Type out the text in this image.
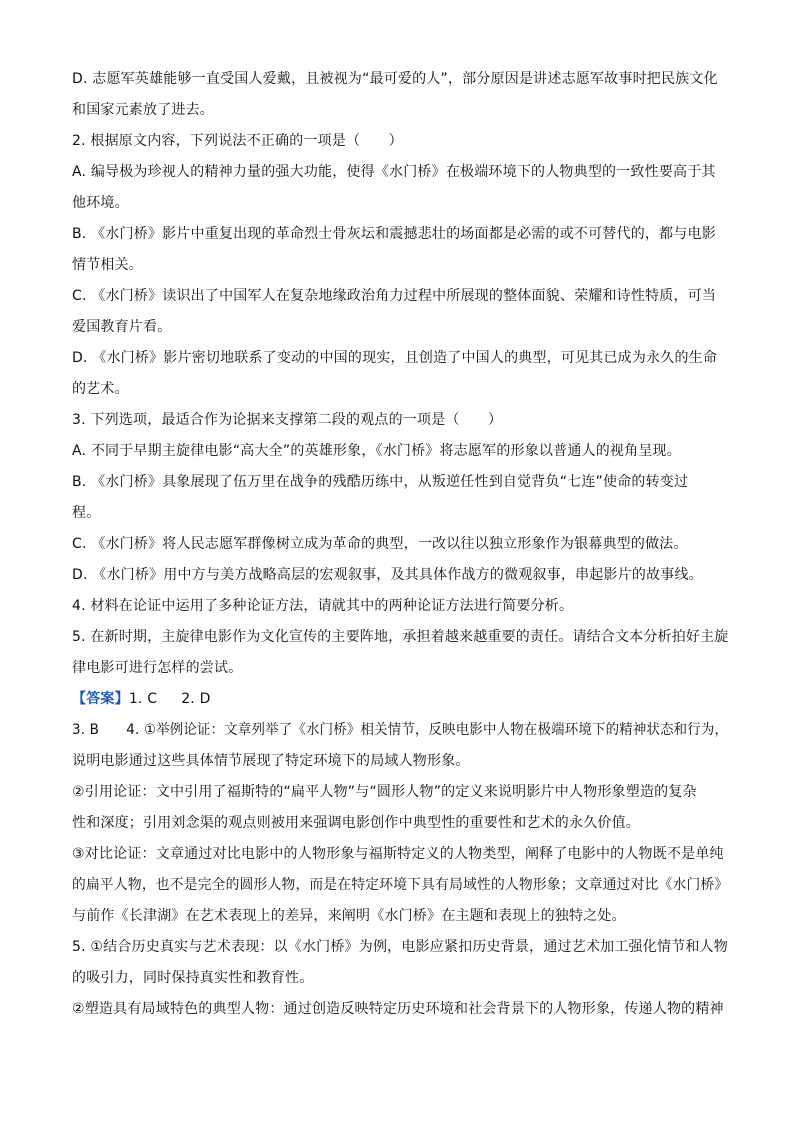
D. 志愿军英雄能够一直受国人爱戴，且被视为“最可爱的人”，部分原因是讲述志愿军故事时把民族文化
和国家元素放了进去。
2. 根据原文内容，下列说法不正确的一项是（　　）
A. 编导极为珍视人的精神力量的强大功能，使得《水门桥》在极端环境下的人物典型的一致性要高于其
他环境。
B. 《水门桥》影片中重复出现的革命烈士骨灰坛和震撼悲壮的场面都是必需的或不可替代的，都与电影
情节相关。
C. 《水门桥》读识出了中国军人在复杂地缘政治角力过程中所展现的整体面貌、荣耀和诗性特质，可当
爱国教育片看。
D. 《水门桥》影片密切地联系了变动的中国的现实，且创造了中国人的典型，可见其已成为永久的生命
的艺术。
3. 下列选项，最适合作为论据来支撑第二段的观点的一项是（　　）
A. 不同于早期主旋律电影“高大全”的英雄形象，《水门桥》将志愿军的形象以普通人的视角呈现。
B. 《水门桥》具象展现了伍万里在战争的残酷历练中，从叛逆任性到自觉背负“七连”使命的转变过
程。
C. 《水门桥》将人民志愿军群像树立成为革命的典型，一改以往以独立形象作为银幕典型的做法。
D. 《水门桥》用中方与美方战略高层的宏观叙事，及其具体作战方的微观叙事，串起影片的故事线。
4. 材料在论证中运用了多种论证方法，请就其中的两种论证方法进行简要分析。
5. 在新时期，主旋律电影作为文化宣传的主要阵地，承担着越来越重要的责任。请结合文本分析拍好主旋
律电影可进行怎样的尝试。
【答案】1. C 2. D
3. B　　4. ①举例论证：文章列举了《水门桥》相关情节，反映电影中人物在极端环境下的精神状态和行为，
说明电影通过这些具体情节展现了特定环境下的局域人物形象。
②引用论证：文中引用了福斯特的“扁平人物”与“圆形人物”的定义来说明影片中人物形象塑造的复杂
性和深度；引用刘念渠的观点则被用来强调电影创作中典型性的重要性和艺术的永久价值。
③对比论证：文章通过对比电影中的人物形象与福斯特定义的人物类型，阐释了电影中的人物既不是单纯
的扁平人物，也不是完全的圆形人物，而是在特定环境下具有局域性的人物形象；文章通过对比《水门桥》
与前作《长津湖》在艺术表现上的差异，来阐明《水门桥》在主题和表现上的独特之处。
5. ①结合历史真实与艺术表现：以《水门桥》为例，电影应紧扣历史背景，通过艺术加工强化情节和人物
的吸引力，同时保持真实性和教育性。
②塑造具有局域特色的典型人物：通过创造反映特定历史环境和社会背景下的人物形象，传递人物的精神
